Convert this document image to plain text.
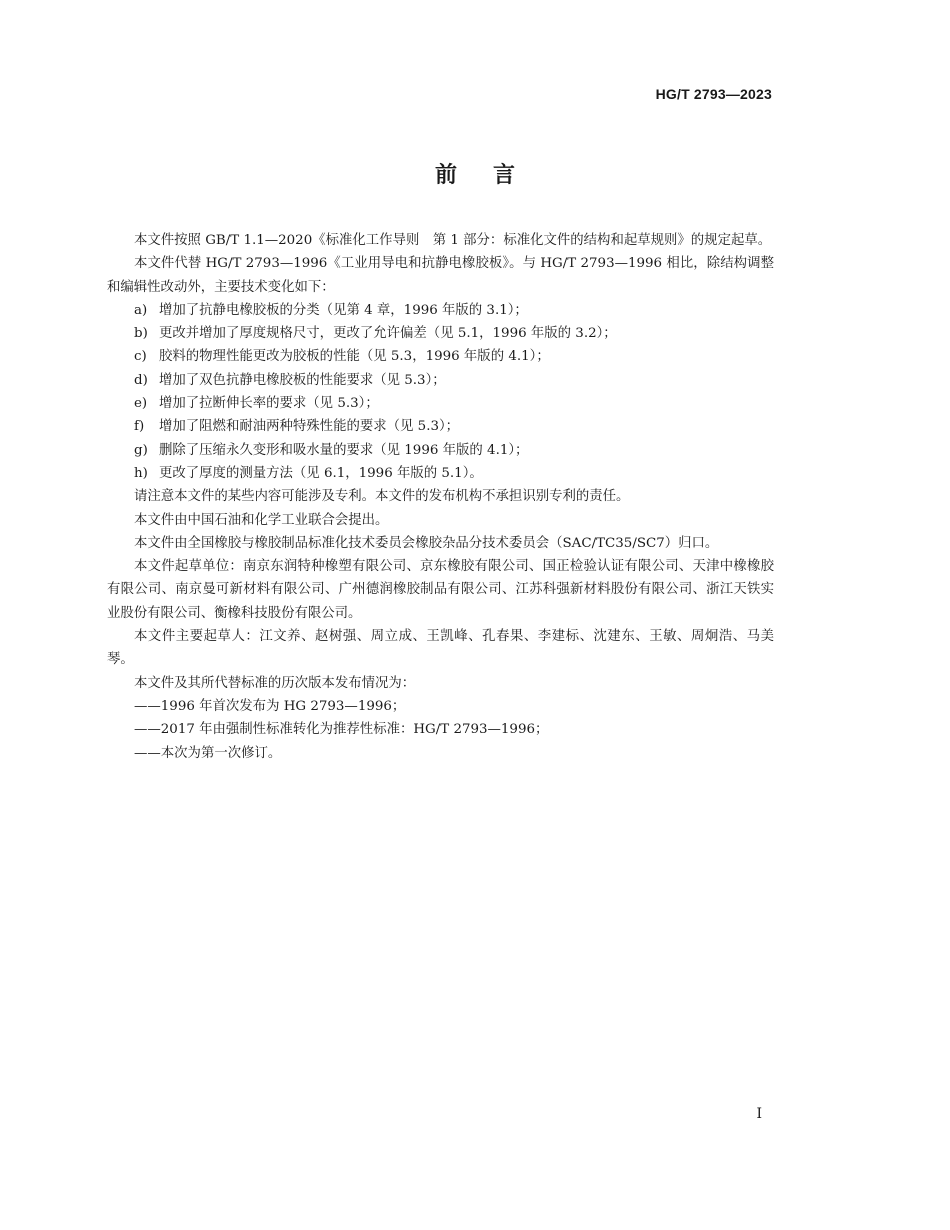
HG/T 2793—2023
前言

本文件按照 GB/T 1.1—2020《标准化工作导则　第 1 部分：标准化文件的结构和起草规则》的规定起草。

本文件代替 HG/T 2793—1996《工业用导电和抗静电橡胶板》。与 HG/T 2793—1996 相比，除结构调整和编辑性改动外，主要技术变化如下：

a) 增加了抗静电橡胶板的分类（见第 4 章，1996 年版的 3.1）；
b) 更改并增加了厚度规格尺寸，更改了允许偏差（见 5.1，1996 年版的 3.2）；
c) 胶料的物理性能更改为胶板的性能（见 5.3，1996 年版的 4.1）；
d) 增加了双色抗静电橡胶板的性能要求（见 5.3）；
e) 增加了拉断伸长率的要求（见 5.3）；
f) 增加了阻燃和耐油两种特殊性能的要求（见 5.3）；
g) 删除了压缩永久变形和吸水量的要求（见 1996 年版的 4.1）；
h) 更改了厚度的测量方法（见 6.1，1996 年版的 5.1）。

请注意本文件的某些内容可能涉及专利。本文件的发布机构不承担识别专利的责任。

本文件由中国石油和化学工业联合会提出。

本文件由全国橡胶与橡胶制品标准化技术委员会橡胶杂品分技术委员会（SAC/TC35/SC7）归口。

本文件起草单位：南京东润特种橡塑有限公司、京东橡胶有限公司、国正检验认证有限公司、天津中橡橡胶有限公司、南京曼可新材料有限公司、广州德润橡胶制品有限公司、江苏科强新材料股份有限公司、浙江天铁实业股份有限公司、衡橡科技股份有限公司。

本文件主要起草人：江文养、赵树强、周立成、王凯峰、孔春果、李建标、沈建东、王敏、周炯浩、马美琴。

本文件及其所代替标准的历次版本发布情况为：

——1996 年首次发布为 HG 2793—1996；
——2017 年由强制性标准转化为推荐性标准：HG/T 2793—1996；
——本次为第一次修订。
I
